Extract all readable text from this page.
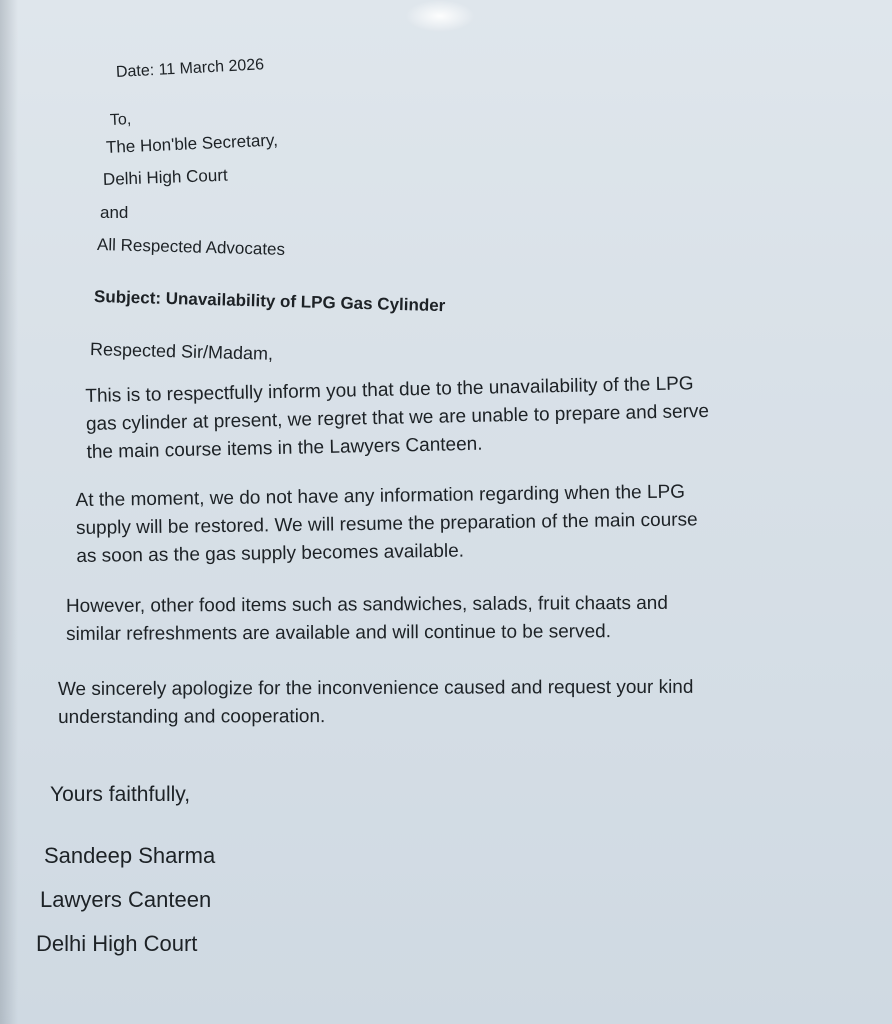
Date: 11 March 2026
To,
The Hon'ble Secretary,
Delhi High Court
and
All Respected Advocates
Subject: Unavailability of LPG Gas Cylinder
Respected Sir/Madam,
This is to respectfully inform you that due to the unavailability of the LPG
gas cylinder at present, we regret that we are unable to prepare and serve
the main course items in the Lawyers Canteen.
At the moment, we do not have any information regarding when the LPG
supply will be restored. We will resume the preparation of the main course
as soon as the gas supply becomes available.
However, other food items such as sandwiches, salads, fruit chaats and
similar refreshments are available and will continue to be served.
We sincerely apologize for the inconvenience caused and request your kind
understanding and cooperation.
Yours faithfully,
Sandeep Sharma
Lawyers Canteen
Delhi High Court
